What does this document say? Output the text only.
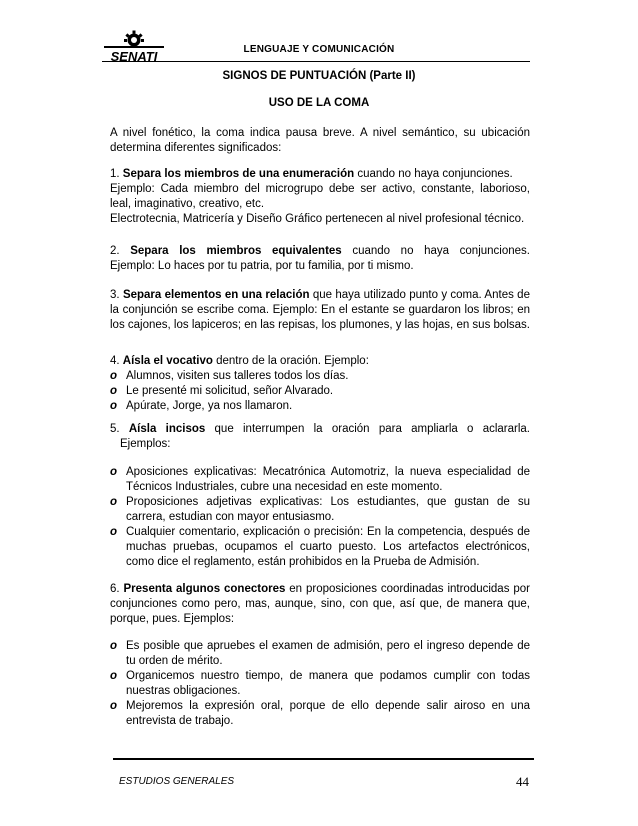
SENATI	LENGUAJE Y COMUNICACIÓN
SIGNOS DE PUNTUACIÓN (Parte II)
USO DE LA COMA

A nivel fonético, la coma indica pausa breve. A nivel semántico, su ubicación determina diferentes significados:

1. Separa los miembros de una enumeración cuando no haya conjunciones.

Ejemplo: Cada miembro del microgrupo debe ser activo, constante, laborioso, leal, imaginativo, creativo, etc.

Electrotecnia, Matricería y Diseño Gráfico pertenecen al nivel profesional técnico.

2. Separa los miembros equivalentes cuando no haya conjunciones.

Ejemplo: Lo haces por tu patria, por tu familia, por ti mismo.

3. Separa elementos en una relación que haya utilizado punto y coma. Antes de la conjunción se escribe coma. Ejemplo: En el estante se guardaron los libros; en los cajones, los lapiceros; en las repisas, los plumones, y las hojas, en sus bolsas.

4. Aísla el vocativo dentro de la oración. Ejemplo:

o Alumnos, visiten sus talleres todos los días.
o Le presenté mi solicitud, señor Alvarado.
o Apúrate, Jorge, ya nos llamaron.

5. Aísla incisos que interrumpen la oración para ampliarla o aclararla.

Ejemplos:

o Aposiciones explicativas: Mecatrónica Automotriz, la nueva especialidad de Técnicos Industriales, cubre una necesidad en este momento.
o Proposiciones adjetivas explicativas: Los estudiantes, que gustan de su carrera, estudian con mayor entusiasmo.
o Cualquier comentario, explicación o precisión: En la competencia, después de muchas pruebas, ocupamos el cuarto puesto. Los artefactos electrónicos, como dice el reglamento, están prohibidos en la Prueba de Admisión.

6. Presenta algunos conectores en proposiciones coordinadas introducidas por conjunciones como pero, mas, aunque, sino, con que, así que, de manera que, porque, pues. Ejemplos:

o Es posible que apruebes el examen de admisión, pero el ingreso depende de tu orden de mérito.
o Organicemos nuestro tiempo, de manera que podamos cumplir con todas nuestras obligaciones.
o Mejoremos la expresión oral, porque de ello depende salir airoso en una entrevista de trabajo.
ESTUDIOS GENERALES	44
